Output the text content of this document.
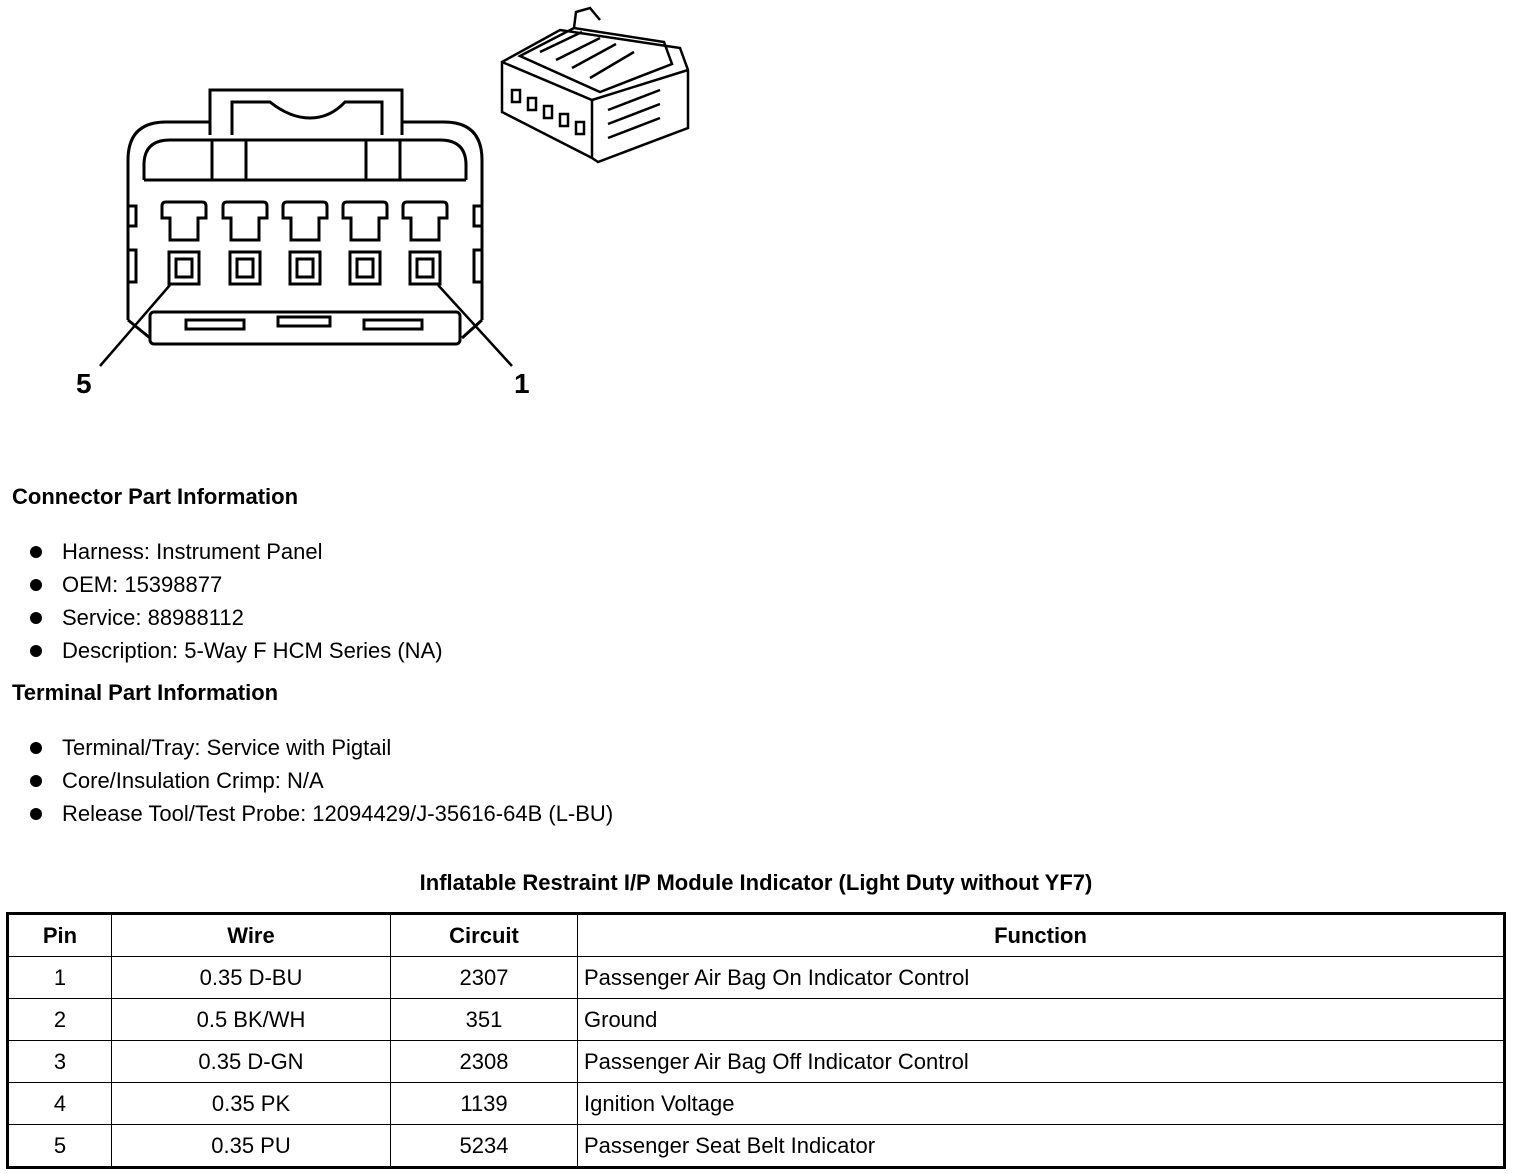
5	1
Connector Part Information
Harness: Instrument Panel
OEM: 15398877
Service: 88988112
Description: 5-Way F HCM Series (NA)
Terminal Part Information
Terminal/Tray: Service with Pigtail
Core/Insulation Crimp: N/A
Release Tool/Test Probe: 12094429/J-35616-64B (L-BU)
Inflatable Restraint I/P Module Indicator (Light Duty without YF7)
Pin	Wire	Circuit	Function
1	0.35 D-BU	2307	Passenger Air Bag On Indicator Control
2	0.5 BK/WH	351	Ground
3	0.35 D-GN	2308	Passenger Air Bag Off Indicator Control
4	0.35 PK	1139	Ignition Voltage
5	0.35 PU	5234	Passenger Seat Belt Indicator
